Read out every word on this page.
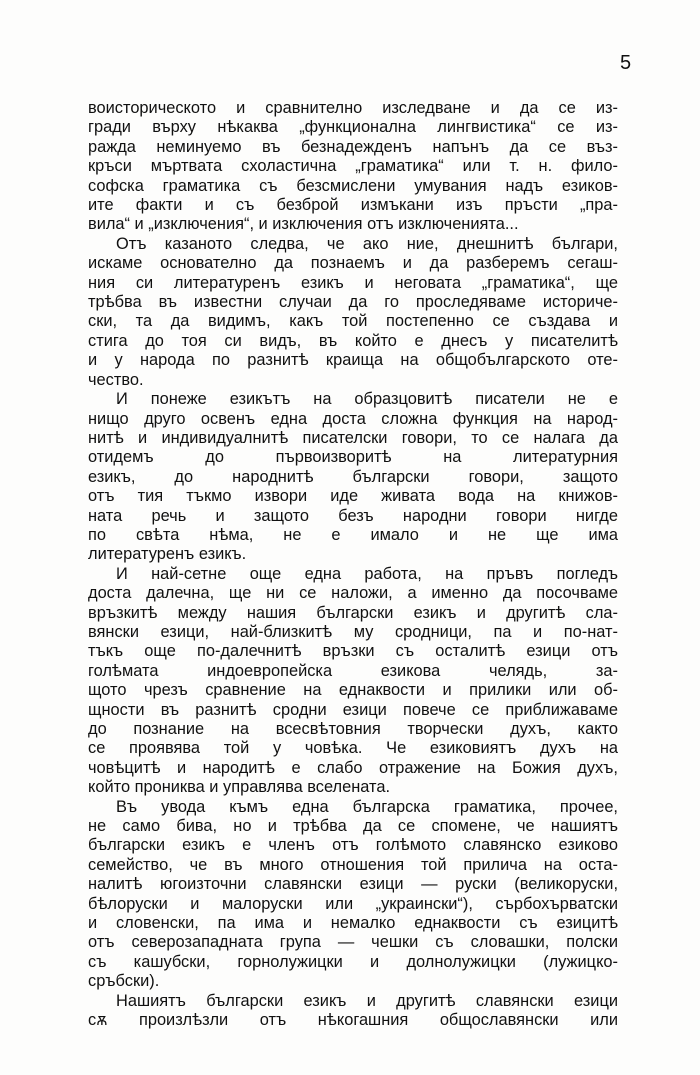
5
воисторическото и сравнително изследване и да се из-
гради върху нѣкаква „функционална лингвистика“ се из-
ражда неминуемо въ безнадежденъ напънъ да се въз-
кръси мъртвата схоластична „граматика“ или т. н. фило-
софска граматика съ безсмислени умувания надъ езиков-
ите факти и съ безброй измъкани изъ пръсти „пра-
вила“ и „изключения“, и изключения отъ изключенията...
Отъ казаното следва, че ако ние, днешнитѣ българи,
искаме основателно да познаемъ и да разберемъ сегаш-
ния си литературенъ езикъ и неговата „граматика“, ще
трѣбва въ известни случаи да го проследяваме историче-
ски, та да видимъ, какъ той постепенно се създава и
стига до тоя си видъ, въ който е днесъ у писателитѣ
и у народа по разнитѣ краища на общобългарското оте-
чество.
И понеже езикътъ на образцовитѣ писатели не е
нищо друго освенъ една доста сложна функция на народ-
нитѣ и индивидуалнитѣ писателски говори, то се налага да
отидемъ до първоизворитѣ на литературния
езикъ, до народнитѣ български говори, защото
отъ тия тъкмо извори иде живата вода на книжов-
ната речь и защото безъ народни говори нигде
по свѣта нѣма, не е имало и не ще има
литературенъ езикъ.
И най-сетне още една работа, на пръвъ погледъ
доста далечна, ще ни се наложи, а именно да посочваме
връзкитѣ между нашия български езикъ и другитѣ сла-
вянски езици, най-близкитѣ му сродници, па и по-нат-
тъкъ още по-далечнитѣ връзки съ осталитѣ езици отъ
голѣмата индоевропейска езикова челядь, за-
щото чрезъ сравнение на еднаквости и прилики или об-
щности въ разнитѣ сродни езици повече се приближаваме
до познание на всесвѣтовния творчески духъ, както
се проявява той у човѣка. Че езиковиятъ духъ на
човѣцитѣ и народитѣ е слабо отражение на Божия духъ,
който прониква и управлява вселената.
Въ увода къмъ една българска граматика, прочее,
не само бива, но и трѣбва да се спомене, че нашиятъ
български езикъ е членъ отъ голѣмото славянско езиково
семейство, че въ много отношения той прилича на оста-
налитѣ югоизточни славянски езици — руски (великоруски,
бѣлоруски и малоруски или „украински“), сърбохърватски
и словенски, па има и немалко еднаквости съ езицитѣ
отъ северозападната група — чешки съ словашки, полски
съ кашубски, горнолужицки и долнолужицки (лужицко-
сръбски).
Нашиятъ български езикъ и другитѣ славянски езици
сѫ произлѣзли отъ нѣкогашния общославянски или
